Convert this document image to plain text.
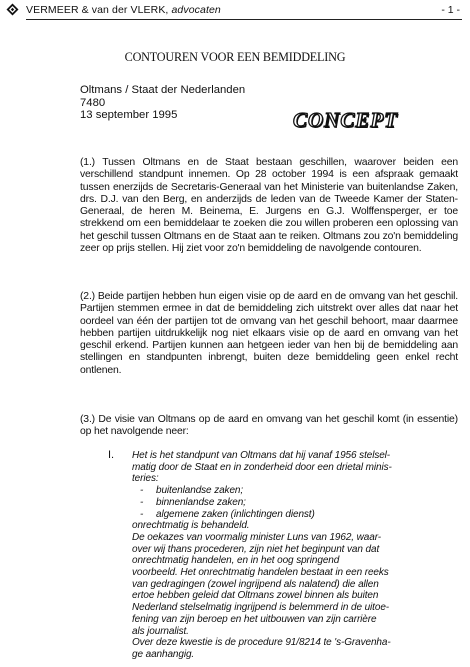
VERMEER & van der VLERK, advocaten	- 1 -
CONTOUREN VOOR EEN BEMIDDELING
Oltmans / Staat der Nederlanden
7480
13 september 1995	CONCEPT

(1.) Tussen Oltmans en de Staat bestaan geschillen, waarover beiden een verschillend standpunt innemen. Op 28 october 1994 is een afspraak gemaakt tussen enerzijds de Secretaris-Generaal van het Ministerie van buitenlandse Zaken, drs. D.J. van den Berg, en anderzijds de leden van de Tweede Kamer der Staten-Generaal, de heren M. Beinema, E. Jurgens en G.J. Wolffensperger, er toe strekkend om een bemiddelaar te zoeken die zou willen proberen een oplossing van het geschil tussen Oltmans en de Staat aan te reiken. Oltmans zou zo'n bemiddeling zeer op prijs stellen. Hij ziet voor zo'n bemiddeling de navolgende contouren.

(2.) Beide partijen hebben hun eigen visie op de aard en de omvang van het geschil. Partijen stemmen ermee in dat de bemiddeling zich uitstrekt over alles dat naar het oordeel van één der partijen tot de omvang van het geschil behoort, maar daarmee hebben partijen uitdrukkelijk nog niet elkaars visie op de aard en omvang van het geschil erkend. Partijen kunnen aan hetgeen ieder van hen bij de bemiddeling aan stellingen en standpunten inbrengt, buiten deze bemiddeling geen enkel recht ontlenen.

(3.) De visie van Oltmans op de aard en omvang van het geschil komt (in essentie) op het navolgende neer:

I. Het is het standpunt van Oltmans dat hij vanaf 1956 stelsel-
matig door de Staat en in zonderheid door een drietal minis-
teries:
- buitenlandse zaken;
- binnenlandse zaken;
- algemene zaken (inlichtingen dienst)
onrechtmatig is behandeld.
De oekazes van voormalig minister Luns van 1962, waar-
over wij thans procederen, zijn niet het beginpunt van dat
onrechtmatig handelen, en in het oog springend
voorbeeld. Het onrechtmatig handelen bestaat in een reeks
van gedragingen (zowel ingrijpend als nalatend) die allen
ertoe hebben geleid dat Oltmans zowel binnen als buiten
Nederland stelselmatig ingrijpend is belemmerd in de uitoe-
fening van zijn beroep en het uitbouwen van zijn carrière
als journalist.
Over deze kwestie is de procedure 91/8214 te 's-Gravenha-
ge aanhangig.
